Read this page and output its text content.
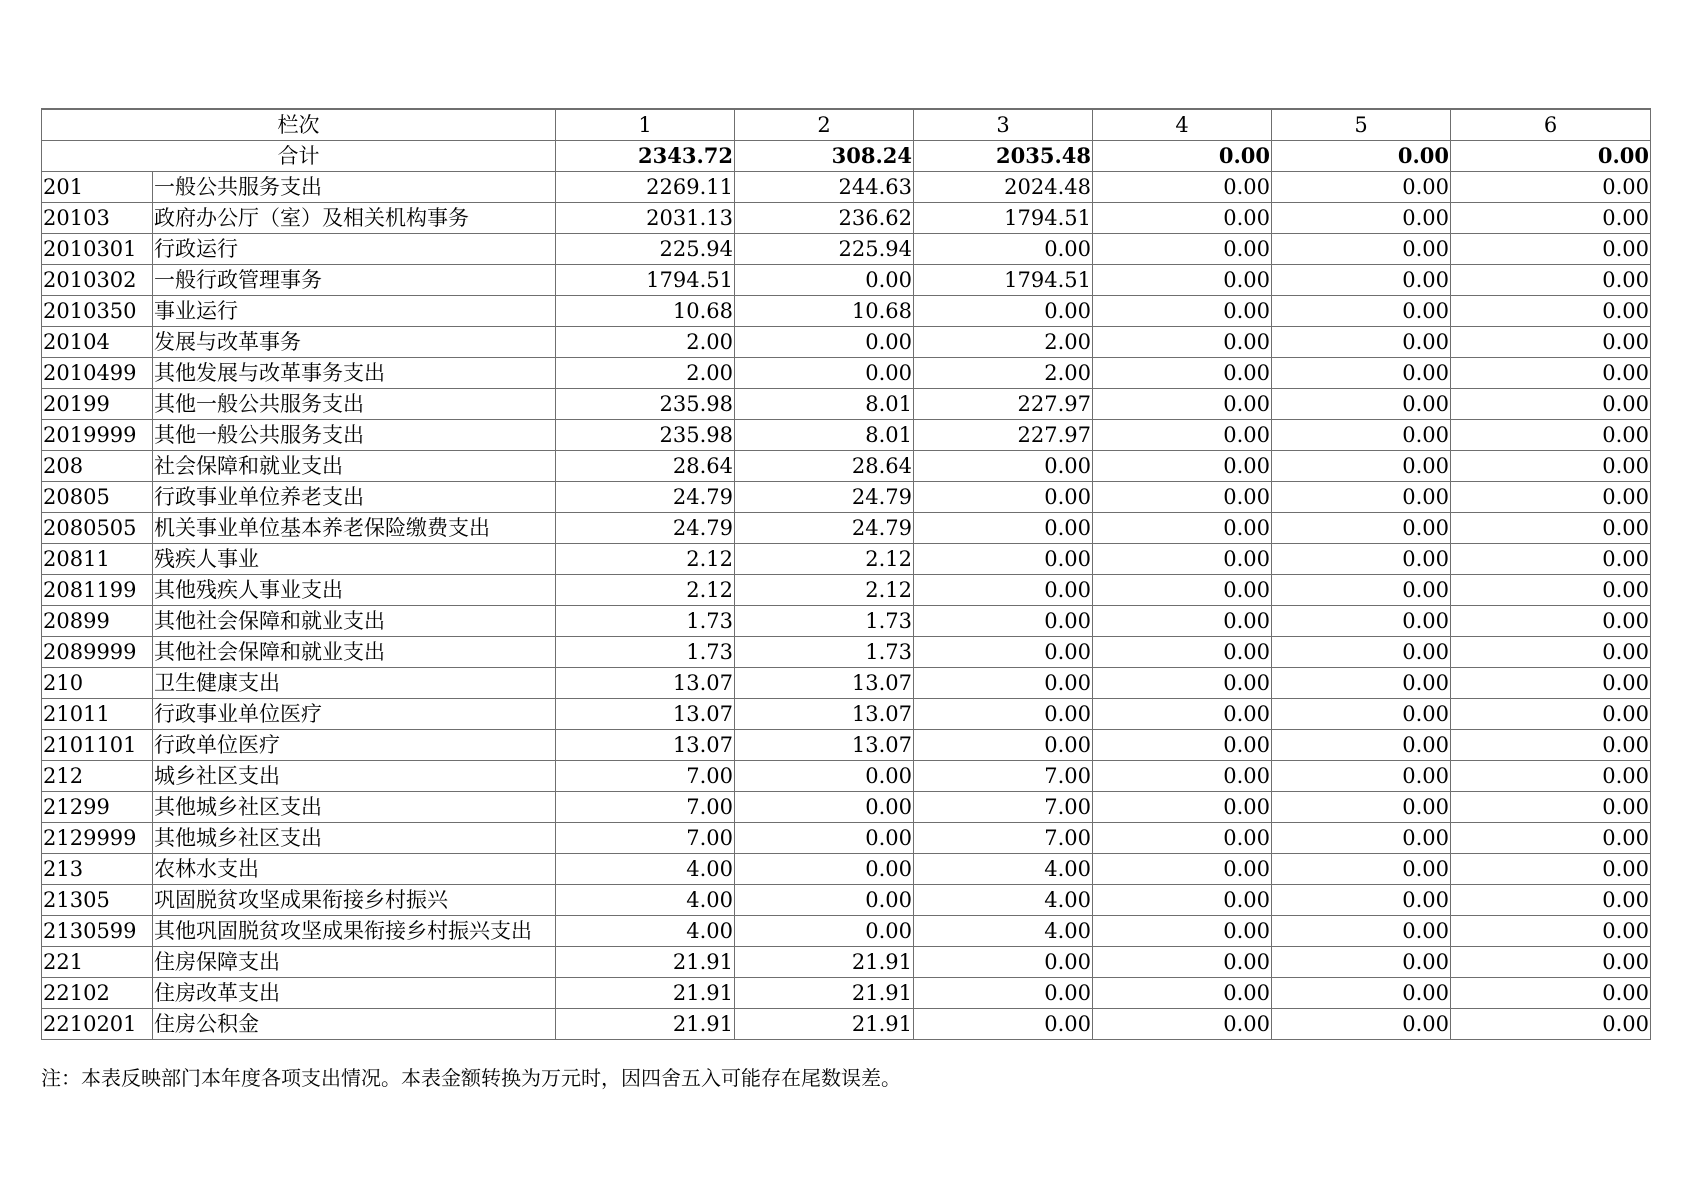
栏次		1	2	3	4	5	6
合计		2343.72	308.24	2035.48	0.00	0.00	0.00
201	一般公共服务支出	2269.11	244.63	2024.48	0.00	0.00	0.00
20103	政府办公厅（室）及相关机构事务	2031.13	236.62	1794.51	0.00	0.00	0.00
2010301	行政运行	225.94	225.94	0.00	0.00	0.00	0.00
2010302	一般行政管理事务	1794.51	0.00	1794.51	0.00	0.00	0.00
2010350	事业运行	10.68	10.68	0.00	0.00	0.00	0.00
20104	发展与改革事务	2.00	0.00	2.00	0.00	0.00	0.00
2010499	其他发展与改革事务支出	2.00	0.00	2.00	0.00	0.00	0.00
20199	其他一般公共服务支出	235.98	8.01	227.97	0.00	0.00	0.00
2019999	其他一般公共服务支出	235.98	8.01	227.97	0.00	0.00	0.00
208	社会保障和就业支出	28.64	28.64	0.00	0.00	0.00	0.00
20805	行政事业单位养老支出	24.79	24.79	0.00	0.00	0.00	0.00
2080505	机关事业单位基本养老保险缴费支出	24.79	24.79	0.00	0.00	0.00	0.00
20811	残疾人事业	2.12	2.12	0.00	0.00	0.00	0.00
2081199	其他残疾人事业支出	2.12	2.12	0.00	0.00	0.00	0.00
20899	其他社会保障和就业支出	1.73	1.73	0.00	0.00	0.00	0.00
2089999	其他社会保障和就业支出	1.73	1.73	0.00	0.00	0.00	0.00
210	卫生健康支出	13.07	13.07	0.00	0.00	0.00	0.00
21011	行政事业单位医疗	13.07	13.07	0.00	0.00	0.00	0.00
2101101	行政单位医疗	13.07	13.07	0.00	0.00	0.00	0.00
212	城乡社区支出	7.00	0.00	7.00	0.00	0.00	0.00
21299	其他城乡社区支出	7.00	0.00	7.00	0.00	0.00	0.00
2129999	其他城乡社区支出	7.00	0.00	7.00	0.00	0.00	0.00
213	农林水支出	4.00	0.00	4.00	0.00	0.00	0.00
21305	巩固脱贫攻坚成果衔接乡村振兴	4.00	0.00	4.00	0.00	0.00	0.00
2130599	其他巩固脱贫攻坚成果衔接乡村振兴支出	4.00	0.00	4.00	0.00	0.00	0.00
221	住房保障支出	21.91	21.91	0.00	0.00	0.00	0.00
22102	住房改革支出	21.91	21.91	0.00	0.00	0.00	0.00
2210201	住房公积金	21.91	21.91	0.00	0.00	0.00	0.00
注：本表反映部门本年度各项支出情况。本表金额转换为万元时，因四舍五入可能存在尾数误差。
